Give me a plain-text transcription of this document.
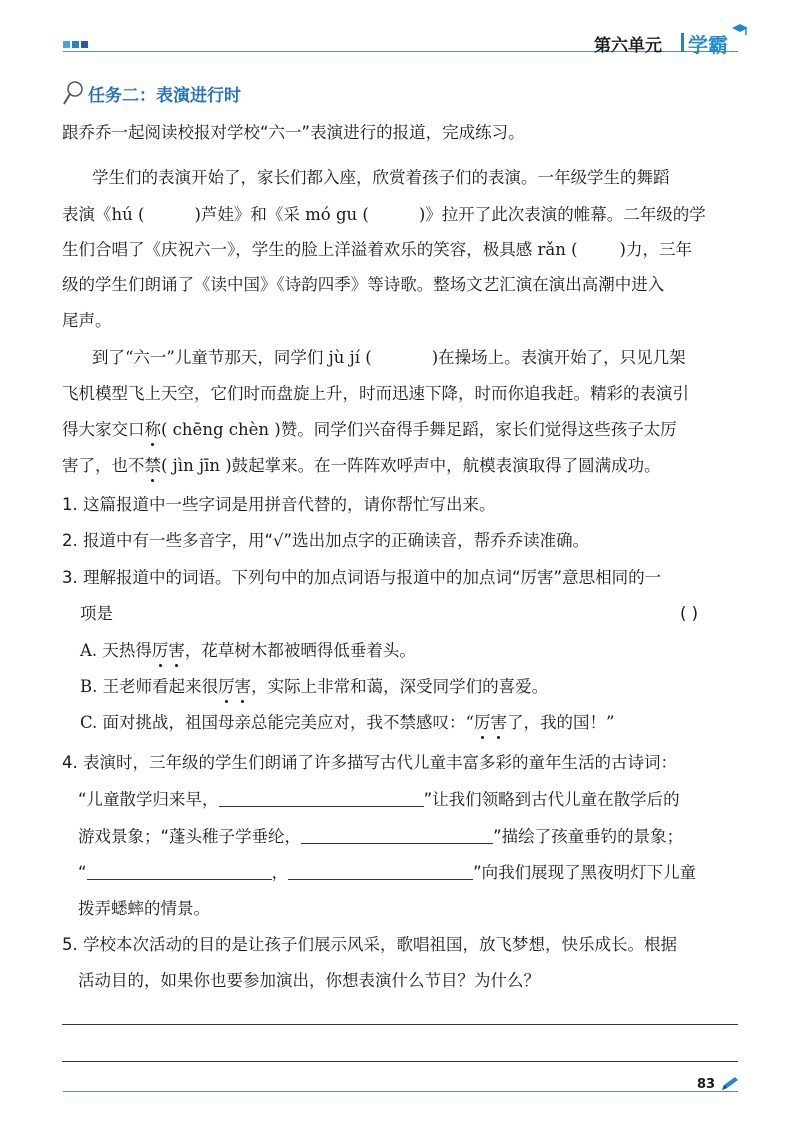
第六单元 学霸
任务二：表演进行时
跟乔乔一起阅读校报对学校“六一”表演进行的报道，完成练习。
学生们的表演开始了，家长们都入座，欣赏着孩子们的表演。一年级学生的舞蹈
表演《hú (	)芦娃》和《采 mó gu (	)》拉开了此次表演的帷幕。二年级的学
生们合唱了《庆祝六一》，学生的脸上洋溢着欢乐的笑容，极具感 rǎn (	)力，三年
级的学生们朗诵了《读中国》《诗韵四季》等诗歌。整场文艺汇演在演出高潮中进入
尾声。
到了“六一”儿童节那天，同学们 jù jí (	)在操场上。表演开始了，只见几架
飞机模型飞上天空，它们时而盘旋上升，时而迅速下降，时而你追我赶。精彩的表演引
得大家交口称( chēng chèn )赞。同学们兴奋得手舞足蹈，家长们觉得这些孩子太厉
害了，也不禁( jìn jīn )鼓起掌来。在一阵阵欢呼声中，航模表演取得了圆满成功。
1. 这篇报道中一些字词是用拼音代替的，请你帮忙写出来。
2. 报道中有一些多音字，用“√”选出加点字的正确读音，帮乔乔读准确。
3. 理解报道中的词语。下列句中的加点词语与报道中的加点词“厉害”意思相同的一
项是	( )
A. 天热得厉害，花草树木都被晒得低垂着头。
B. 王老师看起来很厉害，实际上非常和蔼，深受同学们的喜爱。
C. 面对挑战，祖国母亲总能完美应对，我不禁感叹：“厉害了，我的国！”
4. 表演时，三年级的学生们朗诵了许多描写古代儿童丰富多彩的童年生活的古诗词：
“儿童散学归来早，	”让我们领略到古代儿童在散学后的
游戏景象；“蓬头稚子学垂纶，	”描绘了孩童垂钓的景象；
“	，	”向我们展现了黑夜明灯下儿童
拨弄蟋蟀的情景。
5. 学校本次活动的目的是让孩子们展示风采，歌唱祖国，放飞梦想，快乐成长。根据
活动目的，如果你也要参加演出，你想表演什么节目？为什么？
83
